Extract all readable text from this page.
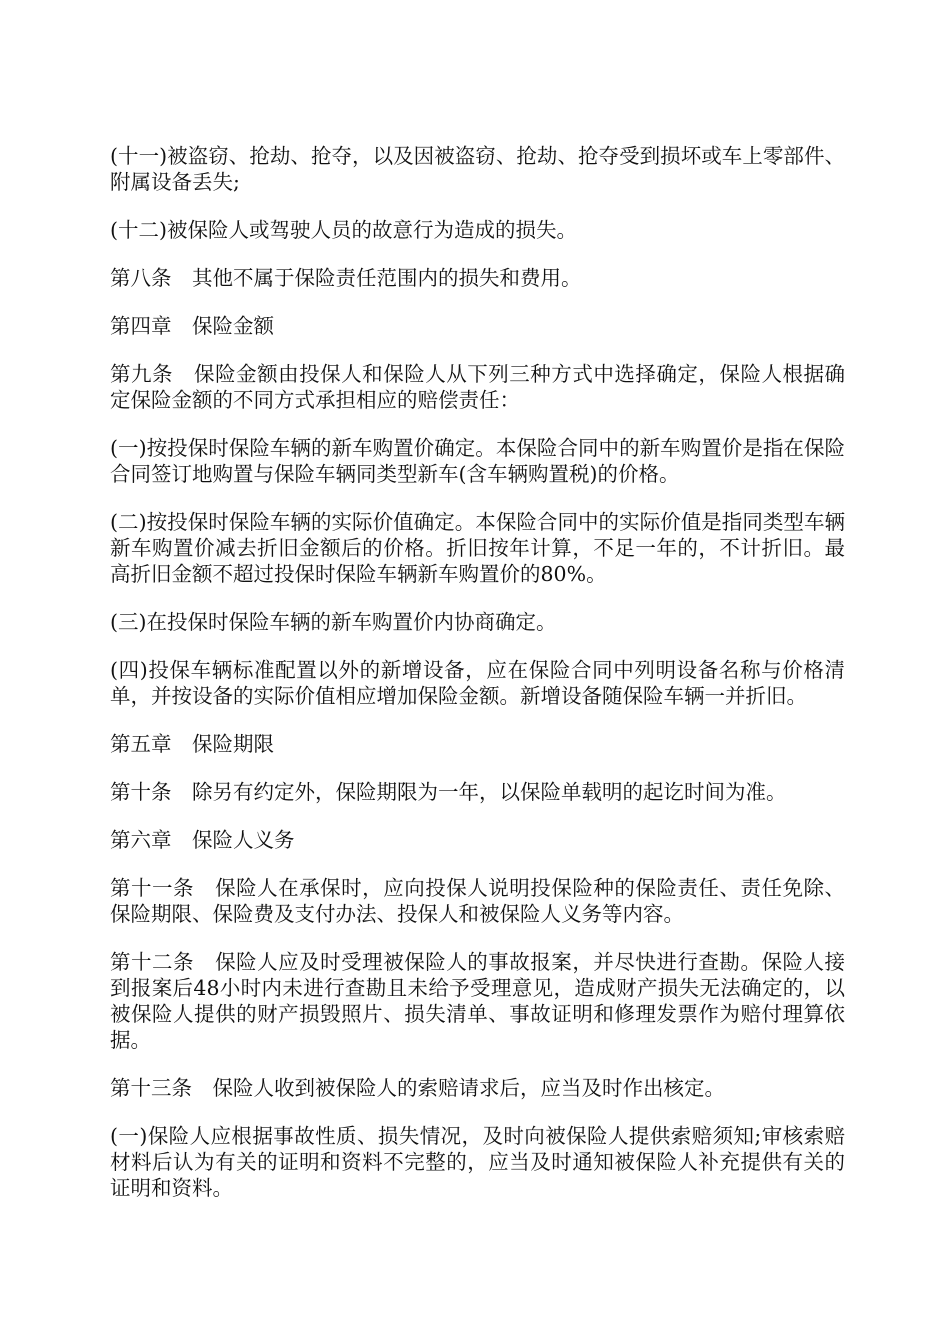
(十一)被盗窃、抢劫、抢夺，以及因被盗窃、抢劫、抢夺受到损坏或车上零部件、附属设备丢失;

(十二)被保险人或驾驶人员的故意行为造成的损失。

第八条　其他不属于保险责任范围内的损失和费用。

第四章　保险金额

第九条　保险金额由投保人和保险人从下列三种方式中选择确定，保险人根据确定保险金额的不同方式承担相应的赔偿责任：

(一)按投保时保险车辆的新车购置价确定。本保险合同中的新车购置价是指在保险合同签订地购置与保险车辆同类型新车(含车辆购置税)的价格。

(二)按投保时保险车辆的实际价值确定。本保险合同中的实际价值是指同类型车辆新车购置价减去折旧金额后的价格。折旧按年计算，不足一年的，不计折旧。最高折旧金额不超过投保时保险车辆新车购置价的80%。

(三)在投保时保险车辆的新车购置价内协商确定。

(四)投保车辆标准配置以外的新增设备，应在保险合同中列明设备名称与价格清单，并按设备的实际价值相应增加保险金额。新增设备随保险车辆一并折旧。

第五章　保险期限

第十条　除另有约定外，保险期限为一年，以保险单载明的起讫时间为准。

第六章　保险人义务

第十一条　保险人在承保时，应向投保人说明投保险种的保险责任、责任免除、保险期限、保险费及支付办法、投保人和被保险人义务等内容。

第十二条　保险人应及时受理被保险人的事故报案，并尽快进行查勘。保险人接到报案后48小时内未进行查勘且未给予受理意见，造成财产损失无法确定的，以被保险人提供的财产损毁照片、损失清单、事故证明和修理发票作为赔付理算依据。

第十三条　保险人收到被保险人的索赔请求后，应当及时作出核定。

(一)保险人应根据事故性质、损失情况，及时向被保险人提供索赔须知;审核索赔材料后认为有关的证明和资料不完整的，应当及时通知被保险人补充提供有关的证明和资料。
